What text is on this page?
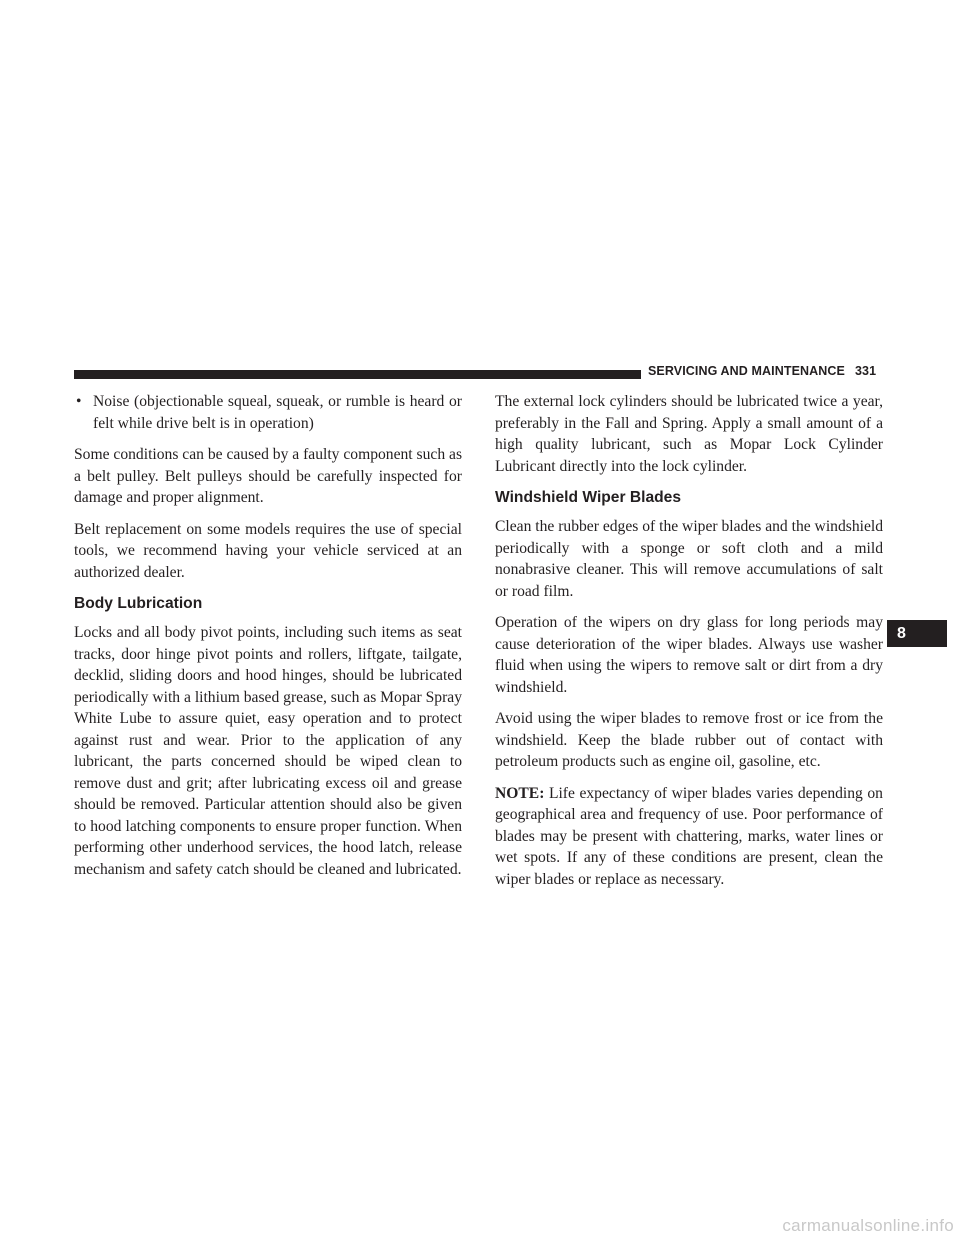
SERVICING AND MAINTENANCE 331
• Noise (objectionable squeal, squeak, or rumble is heard or felt while drive belt is in operation)

Some conditions can be caused by a faulty component such as a belt pulley. Belt pulleys should be carefully inspected for damage and proper alignment.

Belt replacement on some models requires the use of special tools, we recommend having your vehicle serviced at an authorized dealer.

Body Lubrication

Locks and all body pivot points, including such items as seat tracks, door hinge pivot points and rollers, liftgate, tailgate, decklid, sliding doors and hood hinges, should be lubricated periodically with a lithium based grease, such as Mopar Spray White Lube to assure quiet, easy operation and to protect against rust and wear. Prior to the application of any lubricant, the parts concerned should be wiped clean to remove dust and grit; after lubricating excess oil and grease should be removed. Particular attention should also be given to hood latching components to ensure proper function. When performing other underhood services, the hood latch, release mechanism and safety catch should be cleaned and lubricated.

The external lock cylinders should be lubricated twice a year, preferably in the Fall and Spring. Apply a small amount of a high quality lubricant, such as Mopar Lock Cylinder Lubricant directly into the lock cylinder.

Windshield Wiper Blades

Clean the rubber edges of the wiper blades and the windshield periodically with a sponge or soft cloth and a mild nonabrasive cleaner. This will remove accumulations of salt or road film.

Operation of the wipers on dry glass for long periods may cause deterioration of the wiper blades. Always use washer fluid when using the wipers to remove salt or dirt from a dry windshield.

Avoid using the wiper blades to remove frost or ice from the windshield. Keep the blade rubber out of contact with petroleum products such as engine oil, gasoline, etc.

NOTE: Life expectancy of wiper blades varies depending on geographical area and frequency of use. Poor performance of blades may be present with chattering, marks, water lines or wet spots. If any of these conditions are present, clean the wiper blades or replace as necessary.

8
carmanualsonline.info
